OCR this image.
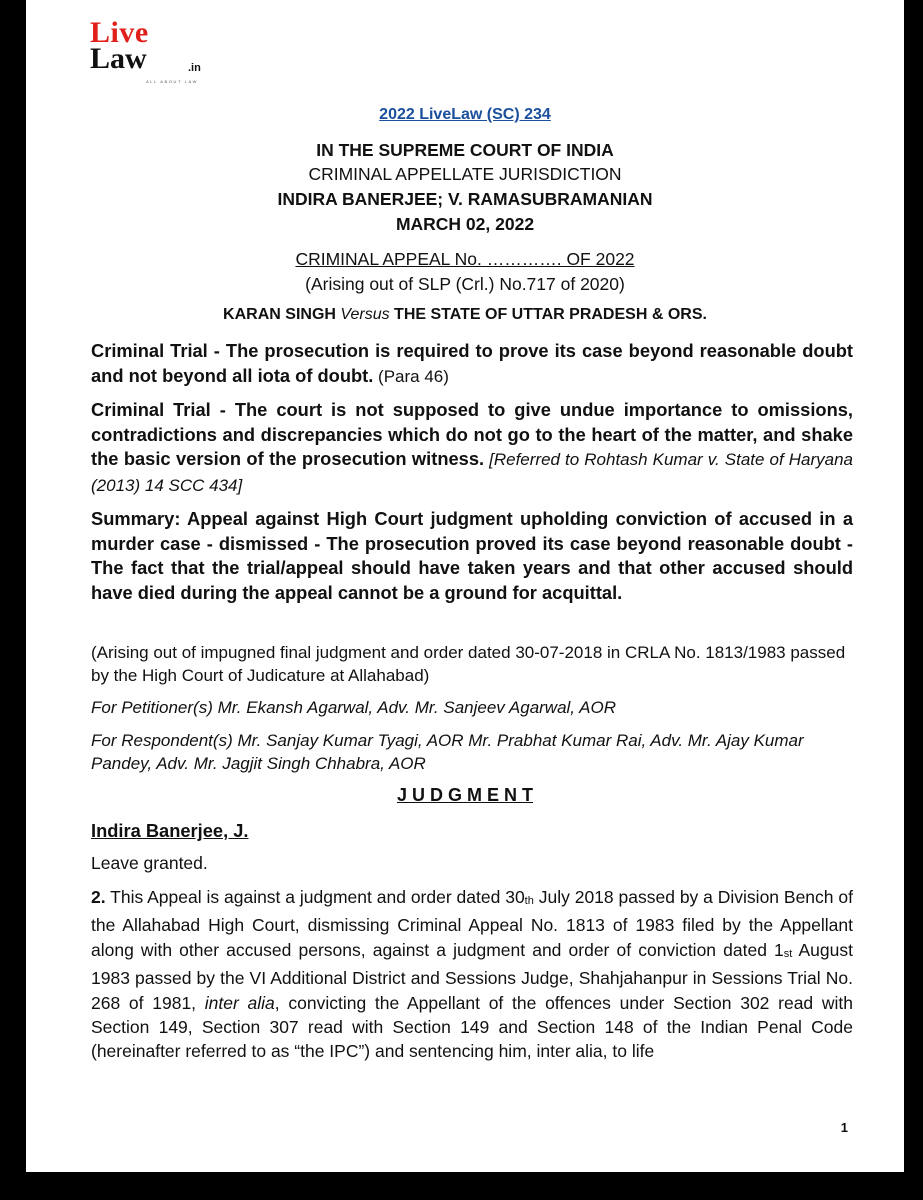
Live
Law	.in
ALL ABOUT LAW
2022 LiveLaw (SC) 234
IN THE SUPREME COURT OF INDIA
CRIMINAL APPELLATE JURISDICTION
INDIRA BANERJEE; V. RAMASUBRAMANIAN
MARCH 02, 2022
CRIMINAL APPEAL No. …………. OF 2022
(Arising out of SLP (Crl.) No.717 of 2020)
KARAN SINGH Versus THE STATE OF UTTAR PRADESH & ORS.
Criminal Trial - The prosecution is required to prove its case beyond reasonable doubt and not beyond all iota of doubt. (Para 46)
Criminal Trial - The court is not supposed to give undue importance to omissions, contradictions and discrepancies which do not go to the heart of the matter, and shake the basic version of the prosecution witness. [Referred to Rohtash Kumar v. State of Haryana (2013) 14 SCC 434]
Summary: Appeal against High Court judgment upholding conviction of accused in a murder case - dismissed - The prosecution proved its case beyond reasonable doubt - The fact that the trial/appeal should have taken years and that other accused should have died during the appeal cannot be a ground for acquittal.
(Arising out of impugned final judgment and order dated 30-07-2018 in CRLA No. 1813/1983 passed by the High Court of Judicature at Allahabad)
For Petitioner(s) Mr. Ekansh Agarwal, Adv. Mr. Sanjeev Agarwal, AOR
For Respondent(s) Mr. Sanjay Kumar Tyagi, AOR Mr. Prabhat Kumar Rai, Adv. Mr. Ajay Kumar Pandey, Adv. Mr. Jagjit Singh Chhabra, AOR
J U D G M E N T
Indira Banerjee, J.
Leave granted.
2. This Appeal is against a judgment and order dated $30_{th}$ July 2018 passed by a Division Bench of the Allahabad High Court, dismissing Criminal Appeal No. 1813 of 1983 filed by the Appellant along with other accused persons, against a judgment and order of conviction dated $1_{st}$ August 1983 passed by the VI Additional District and Sessions Judge, Shahjahanpur in Sessions Trial No. 268 of 1981, inter alia, convicting the Appellant of the offences under Section 302 read with Section 149, Section 307 read with Section 149 and Section 148 of the Indian Penal Code (hereinafter referred to as “the IPC”) and sentencing him, inter alia, to life
1
